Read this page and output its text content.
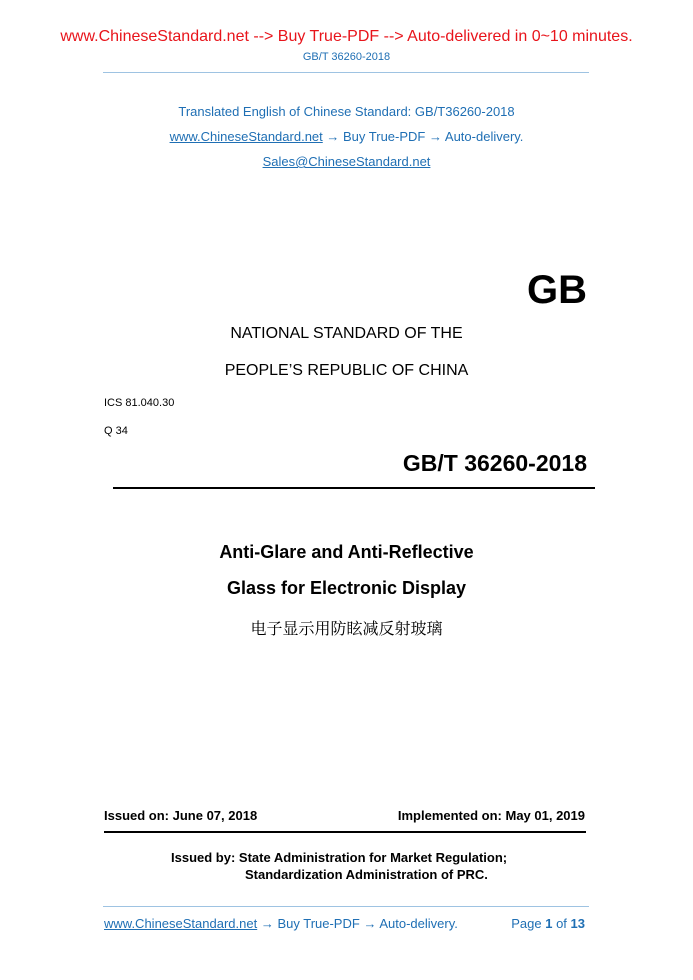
www.ChineseStandard.net --> Buy True-PDF --> Auto-delivered in 0~10 minutes.
GB/T 36260-2018
Translated English of Chinese Standard: GB/T36260-2018
www.ChineseStandard.net → Buy True-PDF → Auto-delivery.
Sales@ChineseStandard.net
GB
NATIONAL STANDARD OF THE
PEOPLE’S REPUBLIC OF CHINA
ICS 81.040.30
Q 34
GB/T 36260-2018
Anti-Glare and Anti-Reflective
Glass for Electronic Display
电子显示用防眩减反射玻璃
Issued on: June 07, 2018	Implemented on: May 01, 2019
Issued by: State Administration for Market Regulation;
Standardization Administration of PRC.
www.ChineseStandard.net → Buy True-PDF → Auto-delivery.	Page 1 of 13
